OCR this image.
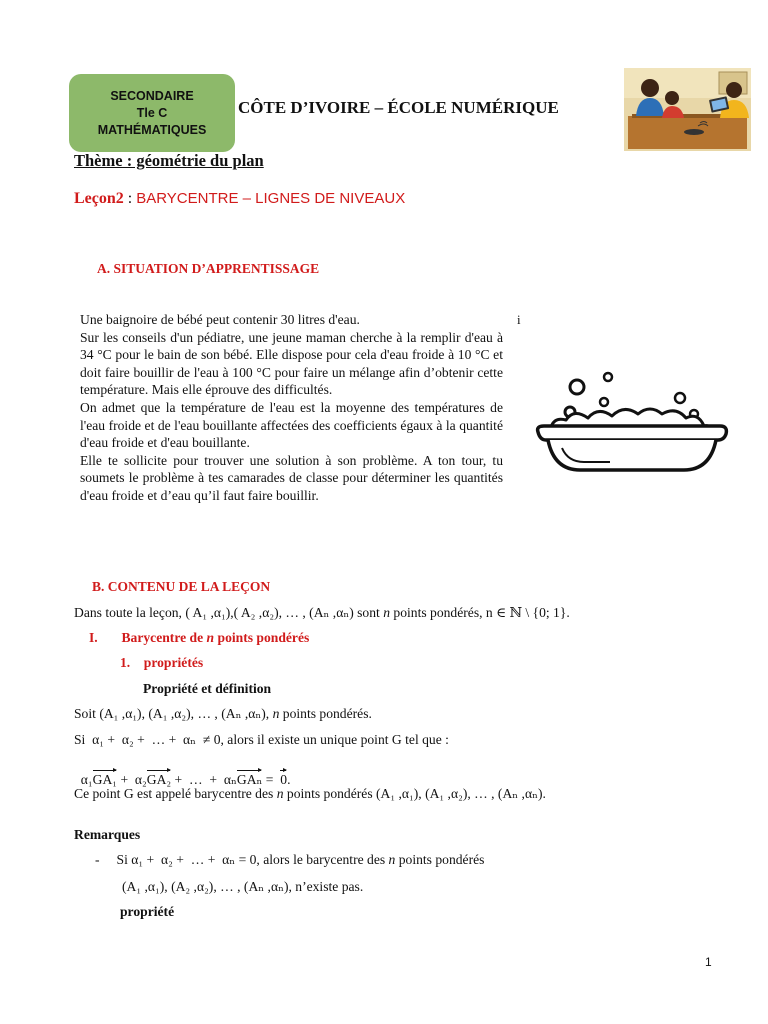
SECONDAIRE
Tle C
MATHÉMATIQUES
CÔTE D’IVOIRE – ÉCOLE NUMÉRIQUE
Thème : géométrie du plan
Leçon2 : BARYCENTRE – LIGNES DE NIVEAUX
A. SITUATION D’APPRENTISSAGE

Une baignoire de bébé peut contenir 30 litres d'eau.

Sur les conseils d'un pédiatre, une jeune maman cherche à la remplir d'eau à 34 °C pour le bain de son bébé. Elle dispose pour cela d'eau froide à 10 °C et doit faire bouillir de l'eau à 100 °C pour faire un mélange afin d’obtenir cette température. Mais elle éprouve des difficultés.

On admet que la température de l'eau est la moyenne des températures de l'eau froide et de l'eau bouillante affectées des coefficients égaux à la quantité d'eau froide et d'eau bouillante.

Elle te sollicite pour trouver une solution à son problème. A ton tour, tu soumets le problème à tes camarades de classe pour déterminer les quantités d'eau froide et d’eau qu’il faut faire bouillir.

i
B. CONTENU DE LA LEÇON
Dans toute la leçon, ( A₁ ,α₁),( A₂ ,α₂), … , (Aₙ ,αₙ) sont n points pondérés, n ∈ ℕ \ {0; 1}.
I.       Barycentre de n points pondérés
1.    propriétés
Propriété et définition
Soit (A₁ ,α₁), (A₁ ,α₂), … , (Aₙ ,αₙ), n points pondérés.
Si  α₁ +  α₂ +  … +  αₙ  ≠ 0, alors il existe un unique point G tel que :

α₁GA₁ +  α₂GA₂ +  …  +  αₙGAₙ =  0.

Ce point G est appelé barycentre des n points pondérés (A₁ ,α₁), (A₁ ,α₂), … , (Aₙ ,αₙ).
Remarques
-     Si α₁ +  α₂ +  … +  αₙ = 0, alors le barycentre des n points pondérés
(A₁ ,α₁), (A₂ ,α₂), … , (Aₙ ,αₙ), n’existe pas.
propriété
1
